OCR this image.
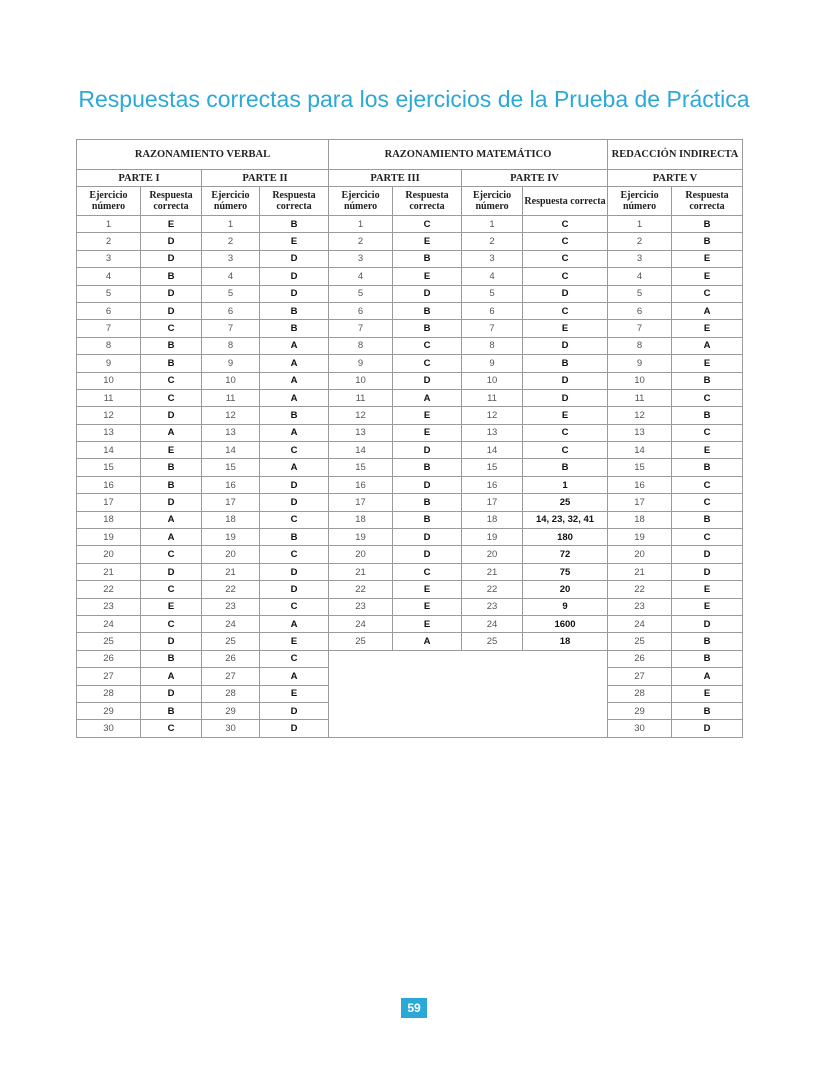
Respuestas correctas para los ejercicios de la Prueba de Práctica
RAZONAMIENTO VERBAL				RAZONAMIENTO MATEMÁTICO				REDACCIÓN INDIRECTA	
PARTE I		PARTE II		PARTE III		PARTE IV		PARTE V	
Ejercicio número	Respuesta correcta	Ejercicio número	Respuesta correcta	Ejercicio número	Respuesta correcta	Ejercicio número	Respuesta correcta	Ejercicio número	Respuesta correcta
1	E	1	B	1	C	1	C	1	B
2	D	2	E	2	E	2	C	2	B
3	D	3	D	3	B	3	C	3	E
4	B	4	D	4	E	4	C	4	E
5	D	5	D	5	D	5	D	5	C
6	D	6	B	6	B	6	C	6	A
7	C	7	B	7	B	7	E	7	E
8	B	8	A	8	C	8	D	8	A
9	B	9	A	9	C	9	B	9	E
10	C	10	A	10	D	10	D	10	B
11	C	11	A	11	A	11	D	11	C
12	D	12	B	12	E	12	E	12	B
13	A	13	A	13	E	13	C	13	C
14	E	14	C	14	D	14	C	14	E
15	B	15	A	15	B	15	B	15	B
16	B	16	D	16	D	16	1	16	C
17	D	17	D	17	B	17	25	17	C
18	A	18	C	18	B	18	14, 23, 32, 41	18	B
19	A	19	B	19	D	19	180	19	C
20	C	20	C	20	D	20	72	20	D
21	D	21	D	21	C	21	75	21	D
22	C	22	D	22	E	22	20	22	E
23	E	23	C	23	E	23	9	23	E
24	C	24	A	24	E	24	1600	24	D
25	D	25	E	25	A	25	18	25	B
26	B	26	C					26	B
27	A	27	A					27	A
28	D	28	E					28	E
29	B	29	D					29	B
30	C	30	D					30	D
59
